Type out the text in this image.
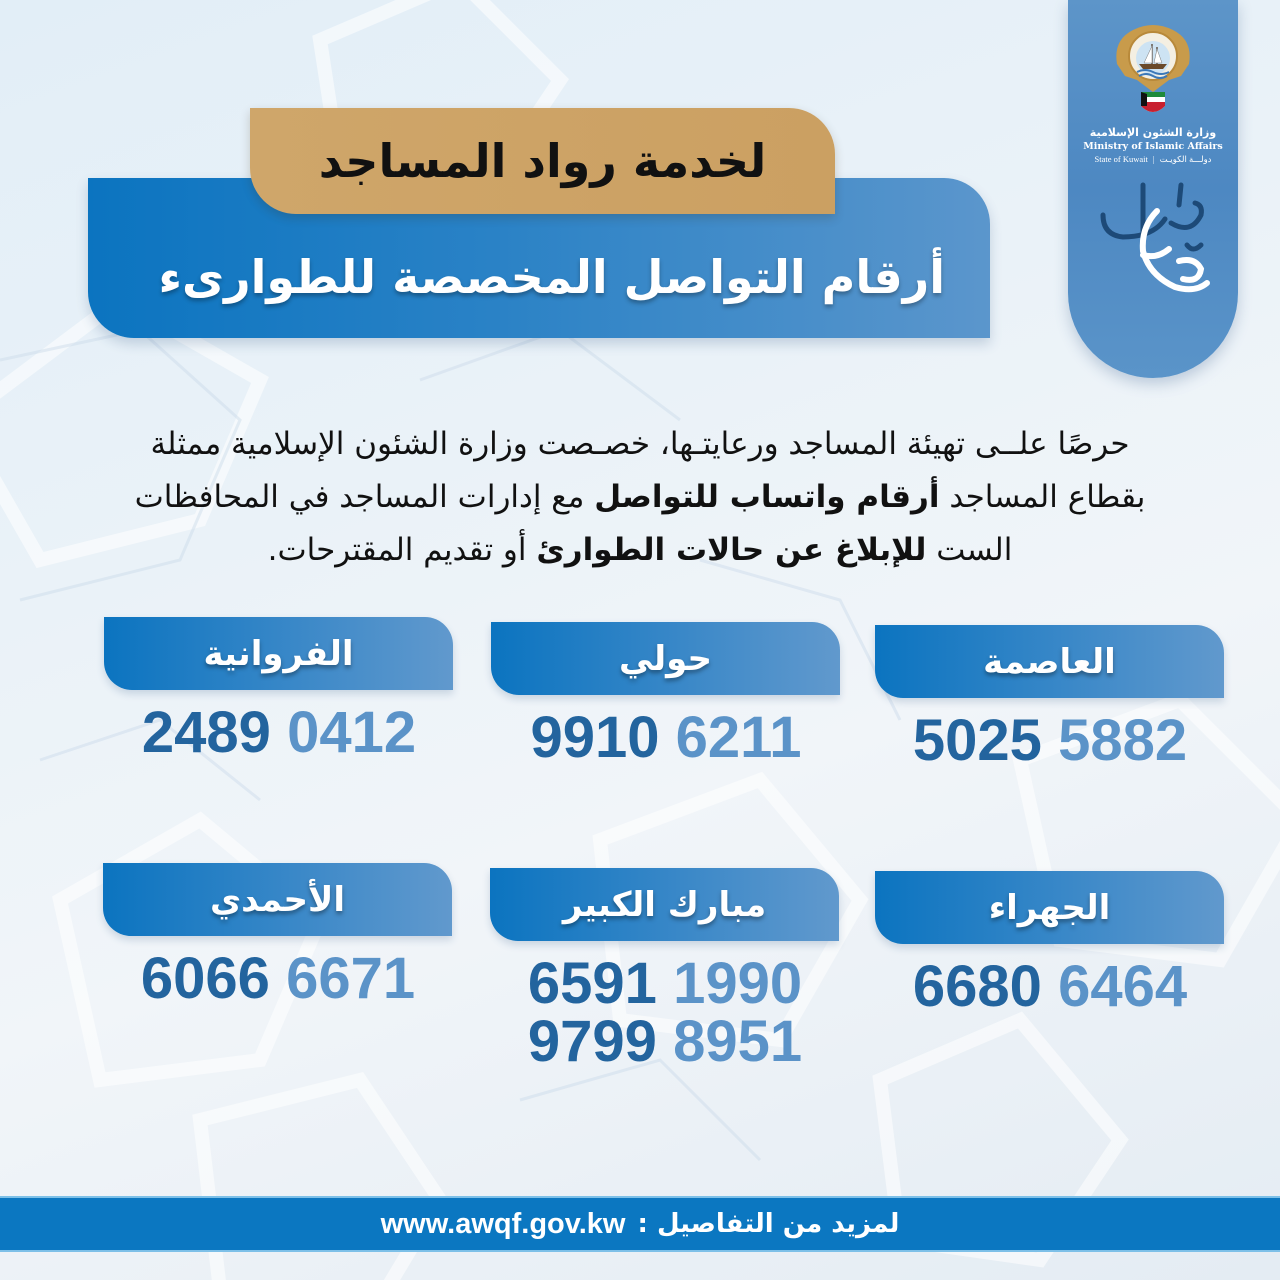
وزارة الشئون الإسلامية
Ministry of Islamic Affairs
State of Kuwait | دولـــة الكويـت
أرقام التواصل المخصصة للطوارىء
لخدمة رواد المساجد

حرصًا علــى تهيئة المساجد ورعايتـها، خصـصت وزارة الشئون الإسلامية ممثلة بقطاع المساجد أرقام واتساب للتواصل مع إدارات المساجد في المحافظات الست للإبلاغ عن حالات الطوارئ أو تقديم المقترحات.

العاصمة
5025 5882
حولي
9910 6211
الفروانية
2489 0412
الجهراء
6680 6464
مبارك الكبير
6591 1990
9799 8951
الأحمدي
6066 6671
www.awqf.gov.kw لمزيد من التفاصيل :
